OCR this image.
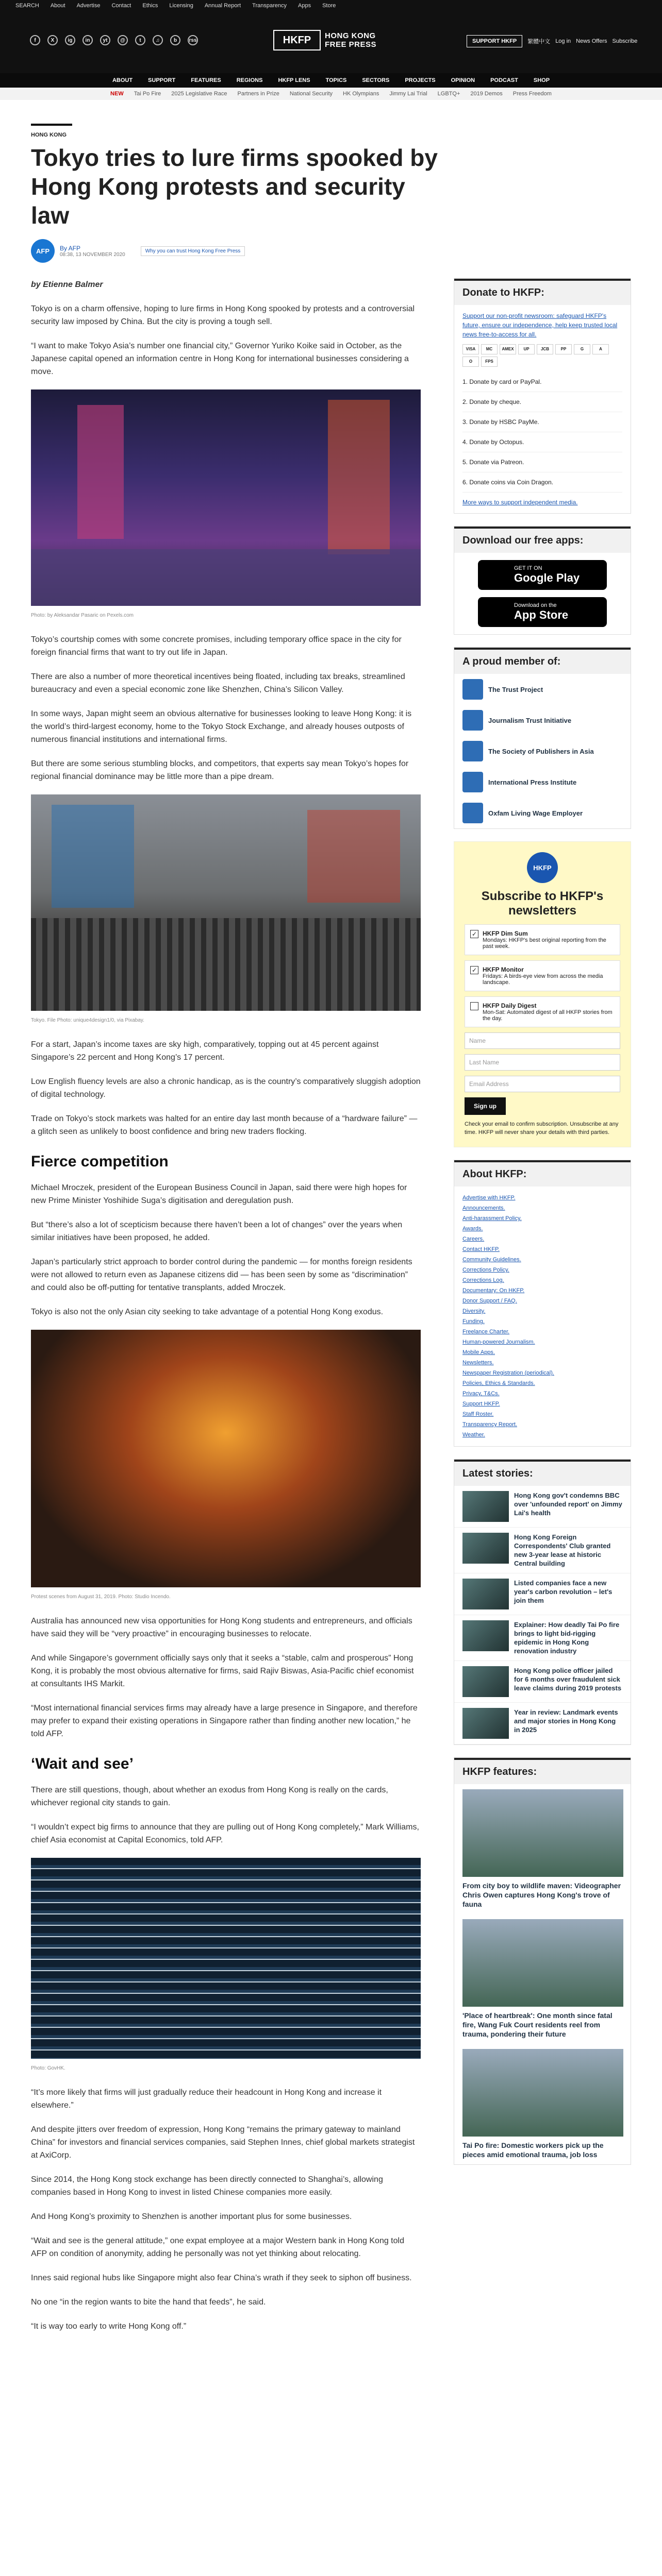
SEARCH About Advertise Contact Ethics Licensing Annual Report Transparency Apps Store
f	X	ig	in	yt	@	t	♫	b	rss	HKFP	HONG KONG
FREE PRESS	SUPPORT HKFP	繁體中文 Log in News Offers Subscribe
ABOUT	SUPPORT	FEATURES	REGIONS	HKFP LENS	TOPICS	SECTORS	PROJECTS	OPINION	PODCAST	SHOP
NEW Tai Po Fire 2025 Legislative Race Partners in Prize National Security HK Olympians Jimmy Lai Trial LGBTQ+ 2019 Demos Press Freedom
HONG KONG
Tokyo tries to lure firms spooked by Hong Kong protests and security law
AFP	By AFP
08:38, 13 NOVEMBER 2020
Why you can trust Hong Kong Free Press

by Etienne Balmer

Tokyo is on a charm offensive, hoping to lure firms in Hong Kong spooked by protests and a controversial security law imposed by China. But the city is proving a tough sell.

“I want to make Tokyo Asia’s number one financial city,” Governor Yuriko Koike said in October, as the Japanese capital opened an information centre in Hong Kong for international businesses considering a move.

Photo: by Aleksandar Pasaric on Pexels.com

Tokyo’s courtship comes with some concrete promises, including temporary office space in the city for foreign financial firms that want to try out life in Japan.

There are also a number of more theoretical incentives being floated, including tax breaks, streamlined bureaucracy and even a special economic zone like Shenzhen, China’s Silicon Valley.

In some ways, Japan might seem an obvious alternative for businesses looking to leave Hong Kong: it is the world’s third-largest economy, home to the Tokyo Stock Exchange, and already houses outposts of numerous financial institutions and international firms.

But there are some serious stumbling blocks, and competitors, that experts say mean Tokyo’s hopes for regional financial dominance may be little more than a pipe dream.

Tokyo. File Photo: unique4design1/0, via Pixabay.

For a start, Japan’s income taxes are sky high, comparatively, topping out at 45 percent against Singapore’s 22 percent and Hong Kong’s 17 percent.

Low English fluency levels are also a chronic handicap, as is the country’s comparatively sluggish adoption of digital technology.

Trade on Tokyo’s stock markets was halted for an entire day last month because of a “hardware failure” — a glitch seen as unlikely to boost confidence and bring new traders flocking.

Fierce competition

Michael Mroczek, president of the European Business Council in Japan, said there were high hopes for new Prime Minister Yoshihide Suga’s digitisation and deregulation push.

But “there’s also a lot of scepticism because there haven’t been a lot of changes” over the years when similar initiatives have been proposed, he added.

Japan’s particularly strict approach to border control during the pandemic — for months foreign residents were not allowed to return even as Japanese citizens did — has been seen by some as “discrimination” and could also be off-putting for tentative transplants, added Mroczek.

Tokyo is also not the only Asian city seeking to take advantage of a potential Hong Kong exodus.

Protest scenes from August 31, 2019. Photo: Studio Incendo.

Australia has announced new visa opportunities for Hong Kong students and entrepreneurs, and officials have said they will be “very proactive” in encouraging businesses to relocate.

And while Singapore’s government officially says only that it seeks a “stable, calm and prosperous” Hong Kong, it is probably the most obvious alternative for firms, said Rajiv Biswas, Asia-Pacific chief economist at consultants IHS Markit.

“Most international financial services firms may already have a large presence in Singapore, and therefore may prefer to expand their existing operations in Singapore rather than finding another new location,” he told AFP.

‘Wait and see’

There are still questions, though, about whether an exodus from Hong Kong is really on the cards, whichever regional city stands to gain.

“I wouldn’t expect big firms to announce that they are pulling out of Hong Kong completely,” Mark Williams, chief Asia economist at Capital Economics, told AFP.

Photo: GovHK.

“It’s more likely that firms will just gradually reduce their headcount in Hong Kong and increase it elsewhere.”

And despite jitters over freedom of expression, Hong Kong “remains the primary gateway to mainland China” for investors and financial services companies, said Stephen Innes, chief global markets strategist at AxiCorp.

Since 2014, the Hong Kong stock exchange has been directly connected to Shanghai’s, allowing companies based in Hong Kong to invest in listed Chinese companies more easily.

And Hong Kong’s proximity to Shenzhen is another important plus for some businesses.

“Wait and see is the general attitude,” one expat employee at a major Western bank in Hong Kong told AFP on condition of anonymity, adding he personally was not yet thinking about relocating.

Innes said regional hubs like Singapore might also fear China’s wrath if they seek to siphon off business.

No one “in the region wants to bite the hand that feeds”, he said.

“It is way too early to write Hong Kong off.”

Donate to HKFP:
Support our non-profit newsroom: safeguard HKFP's future, ensure our independence, help keep trusted local news free-to-access for all.
VISA	MC	AMEX	UP	JCB	PP	G	A
O	FPS
1. Donate by card or PayPal.
2. Donate by cheque.
3. Donate by HSBC PayMe.
4. Donate by Octopus.
5. Donate via Patreon.
6. Donate coins via Coin Dragon.
More ways to support independent media.
Download our free apps:
GET IT ON
Google Play
Download on the
App Store
A proud member of:
The Trust Project
Journalism Trust Initiative
The Society of Publishers in Asia
International Press Institute
Oxfam Living Wage Employer
HKFP
Subscribe to HKFP's newsletters
✓ HKFP Dim Sum
Mondays: HKFP's best original reporting from the past week.
✓ HKFP Monitor
Fridays: A birds-eye view from across the media landscape.
HKFP Daily Digest
Mon-Sat: Automated digest of all HKFP stories from the day.
Name
Last Name
Email Address
Sign up
Check your email to confirm subscription. Unsubscribe at any time. HKFP will never share your details with third parties.
About HKFP:
Advertise with HKFP.
Announcements.
Anti-harassment Policy.
Awards.
Careers.
Contact HKFP.
Community Guidelines.
Corrections Policy.
Corrections Log.
Documentary: On HKFP.
Donor Support / FAQ.
Diversity.
Funding.
Freelance Charter.
Human-powered Journalism.
Mobile Apps.
Newsletters.
Newspaper Registration (periodical).
Policies, Ethics & Standards.
Privacy, T&Cs.
Support HKFP.
Staff Roster.
Transparency Report.
Weather.
Latest stories:
Hong Kong gov't condemns BBC over 'unfounded report' on Jimmy Lai's health
Hong Kong Foreign Correspondents' Club granted new 3-year lease at historic Central building
Listed companies face a new year's carbon revolution – let's join them
Explainer: How deadly Tai Po fire brings to light bid-rigging epidemic in Hong Kong renovation industry
Hong Kong police officer jailed for 6 months over fraudulent sick leave claims during 2019 protests
Year in review: Landmark events and major stories in Hong Kong in 2025
HKFP features:
From city boy to wildlife maven: Videographer Chris Owen captures Hong Kong's trove of fauna
'Place of heartbreak': One month since fatal fire, Wang Fuk Court residents reel from trauma, pondering their future
Tai Po fire: Domestic workers pick up the pieces amid emotional trauma, job loss
